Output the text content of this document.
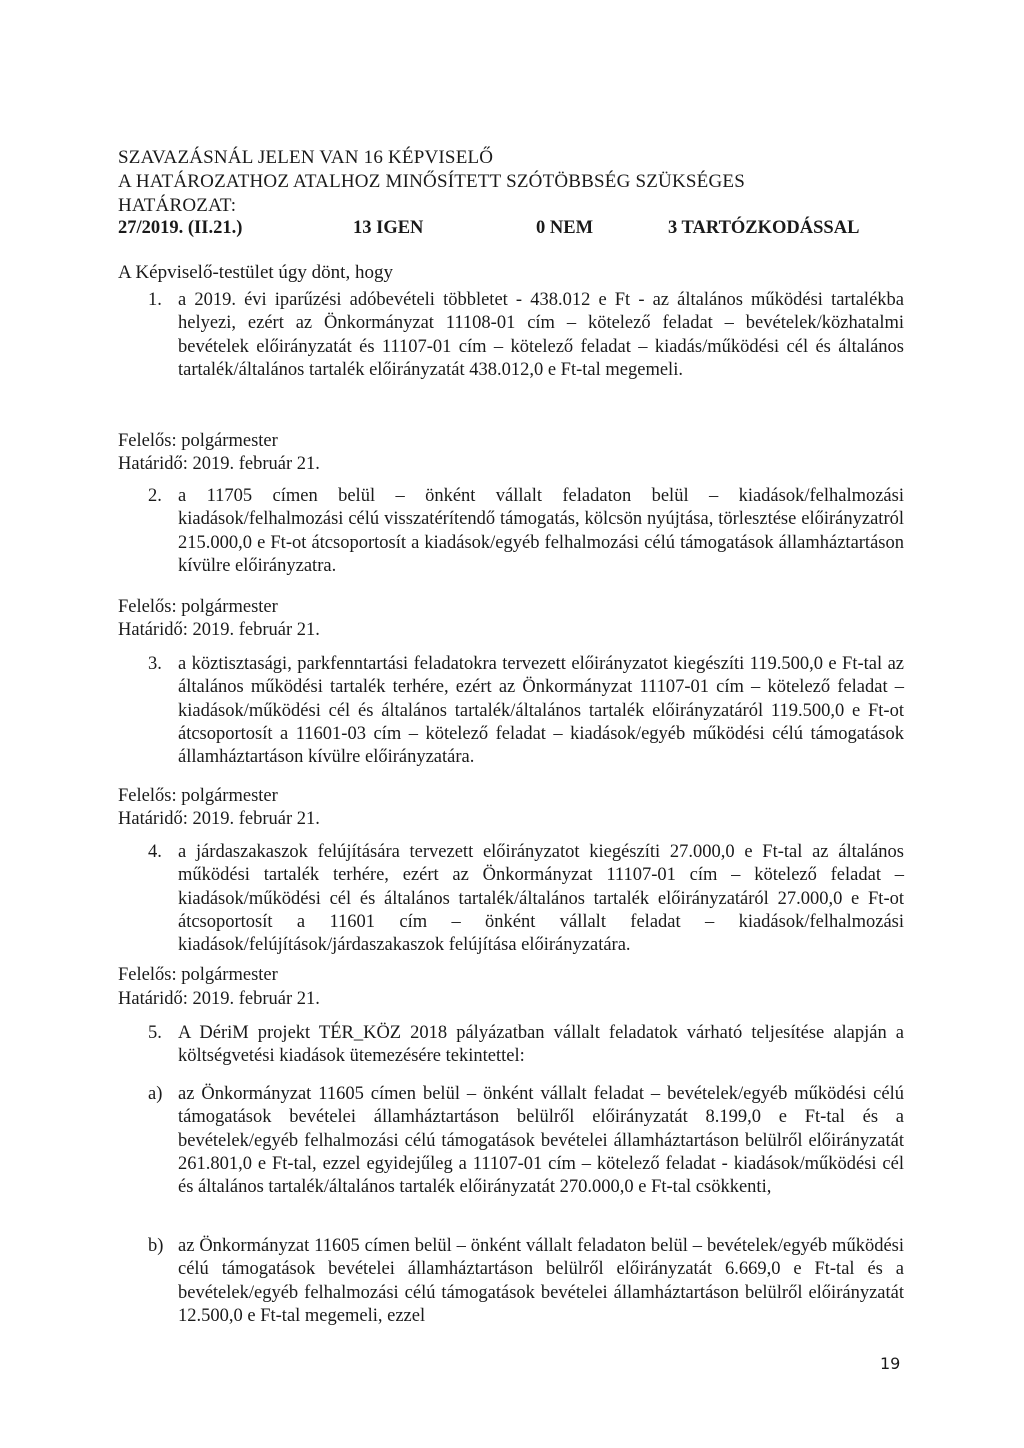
SZAVAZÁSNÁL JELEN VAN 16 KÉPVISELŐ
A HATÁROZATHOZ ATALHOZ MINŐSÍTETT SZÓTÖBBSÉG SZÜKSÉGES
HATÁROZAT:
27/2019. (II.21.)	13 IGEN	0 NEM	3 TARTÓZKODÁSSAL
A Képviselő-testület úgy dönt, hogy
1. a 2019. évi iparűzési adóbevételi többletet - 438.012 e Ft - az általános működési tartalékba helyezi, ezért az Önkormányzat 11108-01 cím – kötelező feladat – bevételek/közhatalmi bevételek előirányzatát és 11107-01 cím – kötelező feladat – kiadás/működési cél és általános tartalék/általános tartalék előirányzatát 438.012,0 e Ft-tal megemeli.
Felelős: polgármester
Határidő: 2019. február 21.
2. a 11705 címen belül – önként vállalt feladaton belül – kiadások/felhalmozási kiadások/felhalmozási célú visszatérítendő támogatás, kölcsön nyújtása, törlesztése előirányzatról 215.000,0 e Ft-ot átcsoportosít a kiadások/egyéb felhalmozási célú támogatások államháztartáson kívülre előirányzatra.
Felelős: polgármester
Határidő: 2019. február 21.
3. a köztisztasági, parkfenntartási feladatokra tervezett előirányzatot kiegészíti 119.500,0 e Ft-tal az általános működési tartalék terhére, ezért az Önkormányzat 11107-01 cím – kötelező feladat – kiadások/működési cél és általános tartalék/általános tartalék előirányzatáról 119.500,0 e Ft-ot átcsoportosít a 11601-03 cím – kötelező feladat – kiadások/egyéb működési célú támogatások államháztartáson kívülre előirányzatára.
Felelős: polgármester
Határidő: 2019. február 21.
4. a járdaszakaszok felújítására tervezett előirányzatot kiegészíti 27.000,0 e Ft-tal az általános működési tartalék terhére, ezért az Önkormányzat 11107-01 cím – kötelező feladat – kiadások/működési cél és általános tartalék/általános tartalék előirányzatáról 27.000,0 e Ft-ot átcsoportosít a 11601 cím – önként vállalt feladat – kiadások/felhalmozási kiadások/felújítások/járdaszakaszok felújítása előirányzatára.
Felelős: polgármester
Határidő: 2019. február 21.
5. A DériM projekt TÉR_KÖZ 2018 pályázatban vállalt feladatok várható teljesítése alapján a költségvetési kiadások ütemezésére tekintettel:
a) az Önkormányzat 11605 címen belül – önként vállalt feladat – bevételek/egyéb működési célú támogatások bevételei államháztartáson belülről előirányzatát 8.199,0 e Ft-tal és a bevételek/egyéb felhalmozási célú támogatások bevételei államháztartáson belülről előirányzatát 261.801,0 e Ft-tal, ezzel egyidejűleg a 11107-01 cím – kötelező feladat - kiadások/működési cél és általános tartalék/általános tartalék előirányzatát 270.000,0 e Ft-tal csökkenti,
b) az Önkormányzat 11605 címen belül – önként vállalt feladaton belül – bevételek/egyéb működési célú támogatások bevételei államháztartáson belülről előirányzatát 6.669,0 e Ft-tal és a bevételek/egyéb felhalmozási célú támogatások bevételei államháztartáson belülről előirányzatát 12.500,0 e Ft-tal megemeli, ezzel
19
